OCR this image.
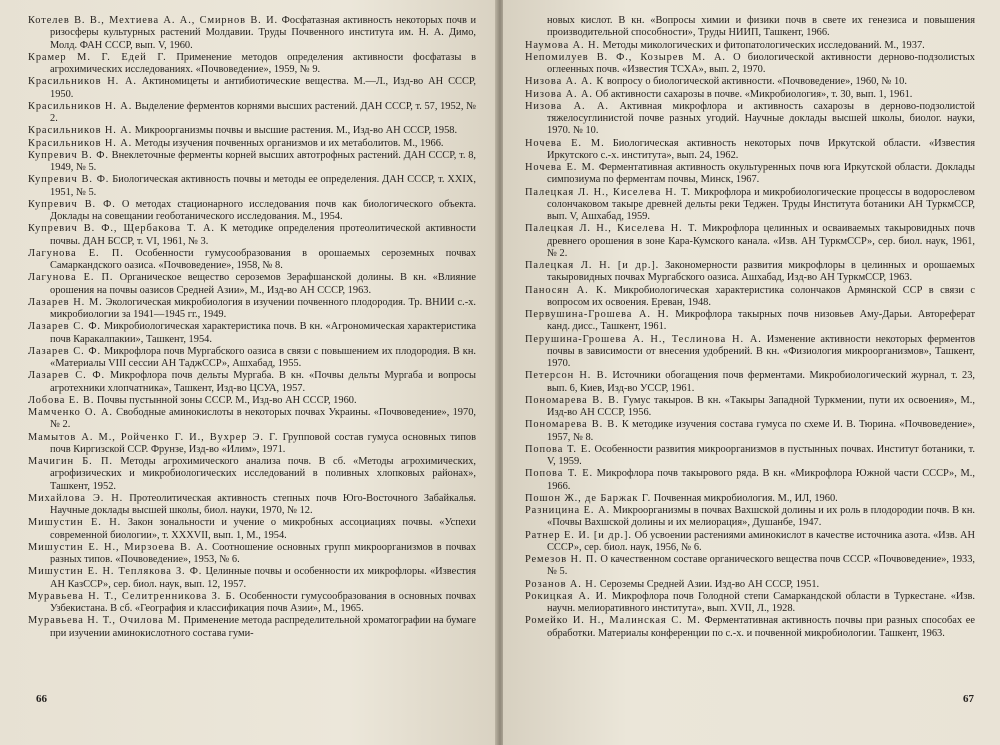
Котелев В. В., Мехтиева А. А., Смирнов В. И. Фосфатазная активность некоторых почв и ризосферы культурных растений Молдавии. Труды Почвенного института им. Н. А. Димо, Молд. ФАН СССР, вып. V, 1960.

Крамер М. Г. Едей Г. Применение методов определения активности фосфатазы в агрохимических исследованиях. «Почвоведение», 1959, № 9.

Красильников Н. А. Актиномицеты и антибиотические вещества. М.—Л., Изд-во АН СССР, 1950.

Красильников Н. А. Выделение ферментов корнями высших растений. ДАН СССР, т. 57, 1952, № 2.

Красильников Н. А. Микроорганизмы почвы и высшие растения. М., Изд-во АН СССР, 1958.

Красильников Н. А. Методы изучения почвенных организмов и их метаболитов. М., 1966.

Купревич В. Ф. Внеклеточные ферменты корней высших автотрофных растений. ДАН СССР, т. 8, 1949, № 5.

Купревич В. Ф. Биологическая активность почвы и методы ее определения. ДАН СССР, т. XXIX, 1951, № 5.

Купревич В. Ф. О методах стационарного исследования почв как биологического объекта. Доклады на совещании геоботанического исследования. М., 1954.

Купревич В. Ф., Щербакова Т. А. К методике определения протеолитической активности почвы. ДАН БССР, т. VI, 1961, № 3.

Лагунова Е. П. Особенности гумусообразования в орошаемых сероземных почвах Самаркандского оазиса. «Почвоведение», 1958, № 8.

Лагунова Е. П. Органическое вещество сероземов Зерафшанской долины. В кн. «Влияние орошения на почвы оазисов Средней Азии», М., Изд-во АН СССР, 1963.

Лазарев Н. М. Экологическая микробиология в изучении почвенного плодородия. Тр. ВНИИ с.-х. микробиологии за 1941—1945 гг., 1949.

Лазарев С. Ф. Микробиологическая характеристика почв. В кн. «Агрономическая характеристика почв Каракалпакии», Ташкент, 1954.

Лазарев С. Ф. Микрофлора почв Мургабского оазиса в связи с повышением их плодородия. В кн. «Материалы VIII сессии АН ТаджССР», Ашхабад, 1955.

Лазарев С. Ф. Микрофлора почв дельты Мургаба. В кн. «Почвы дельты Мургаба и вопросы агротехники хлопчатника», Ташкент, Изд-во ЦСУА, 1957.

Лобова Е. В. Почвы пустынной зоны СССР. М., Изд-во АН СССР, 1960.

Мамченко О. А. Свободные аминокислоты в некоторых почвах Украины. «Почвоведение», 1970, № 2.

Мамытов А. М., Ройченко Г. И., Вухрер Э. Г. Групповой состав гумуса основных типов почв Киргизской ССР. Фрунзе, Изд-во «Илим», 1971.

Мачигин Б. П. Методы агрохимического анализа почв. В сб. «Методы агрохимических, агрофизических и микробиологических исследований в поливных хлопковых районах», Ташкент, 1952.

Михайлова Э. Н. Протеолитическая активность степных почв Юго-Восточного Забайкалья. Научные доклады высшей школы, биол. науки, 1970, № 12.

Мишустин Е. Н. Закон зональности и учение о микробных ассоциациях почвы. «Успехи современной биологии», т. XXXVII, вып. 1, М., 1954.

Мишустин Е. Н., Мирзоева В. А. Соотношение основных групп микроорганизмов в почвах разных типов. «Почвоведение», 1953, № 6.

Мишустин Е. Н. Теплякова З. Ф. Целинные почвы и особенности их микрофлоры. «Известия АН КазССР», сер. биол. наук, вып. 12, 1957.

Муравьева Н. Т., Селитренникова З. Б. Особенности гумусообразования в основных почвах Узбекистана. В сб. «География и классификация почв Азии», М., 1965.

Муравьева Н. Т., Очилова М. Применение метода распределительной хроматографии на бумаге при изучении аминокислотного состава гуми-

66

новых кислот. В кн. «Вопросы химии и физики почв в свете их генезиса и повышения производительной способности», Труды НИИП, Ташкент, 1966.

Наумова А. Н. Методы микологических и фитопатологических исследований. М., 1937.

Непомилуев В. Ф., Козырев М. А. О биологической активности дерново-подзолистых оглеенных почв. «Известия ТСХА», вып. 2, 1970.

Низова А. А. К вопросу о биологической активности. «Почвоведение», 1960, № 10.

Низова А. А. Об активности сахарозы в почве. «Микробиология», т. 30, вып. 1, 1961.

Низова А. А. Активная микрофлора и активность сахарозы в дерново-подзолистой тяжелосуглинистой почве разных угодий. Научные доклады высшей школы, биолог. науки, 1970. № 10.

Ночева Е. М. Биологическая активность некоторых почв Иркутской области. «Известия Иркутского с.-х. института», вып. 24, 1962.

Ночева Е. М. Ферментативная активность окультуренных почв юга Иркутской области. Доклады симпозиума по ферментам почвы, Минск, 1967.

Палецкая Л. Н., Киселева Н. Т. Микрофлора и микробиологические процессы в водорослевом солончаковом такыре древней дельты реки Теджен. Труды Института ботаники АН ТуркмССР, вып. V, Ашхабад, 1959.

Палецкая Л. Н., Киселева Н. Т. Микрофлора целинных и осваиваемых такыровидных почв древнего орошения в зоне Кара-Кумского канала. «Изв. АН ТуркмССР», сер. биол. наук, 1961, № 2.

Палецкая Л. Н. [и др.]. Закономерности развития микрофлоры в целинных и орошаемых такыровидных почвах Мургабского оазиса. Ашхабад, Изд-во АН ТуркмССР, 1963.

Паносян А. К. Микробиологическая характеристика солончаков Армянской ССР в связи с вопросом их освоения. Ереван, 1948.

Первушина-Грошева А. Н. Микрофлора такырных почв низовьев Аму-Дарьи. Автореферат канд. дисс., Ташкент, 1961.

Перушина-Грошева А. Н., Теслинова Н. А. Изменение активности некоторых ферментов почвы в зависимости от внесения удобрений. В кн. «Физиология микроорганизмов», Ташкент, 1970.

Петерсон Н. В. Источники обогащения почв ферментами. Микробиологический журнал, т. 23, вып. 6, Киев, Изд-во УССР, 1961.

Пономарева В. В. Гумус такыров. В кн. «Такыры Западной Туркмении, пути их освоения», М., Изд-во АН СССР, 1956.

Пономарева В. В. К методике изучения состава гумуса по схеме И. В. Тюрина. «Почвоведение», 1957, № 8.

Попова Т. Е. Особенности развития микроорганизмов в пустынных почвах. Институт ботаники, т. V, 1959.

Попова Т. Е. Микрофлора почв такырового ряда. В кн. «Микрофлора Южной части СССР», М., 1966.

Пошон Ж., де Баржак Г. Почвенная микробиология. М., ИЛ, 1960.

Разницина Е. А. Микроорганизмы в почвах Вахшской долины и их роль в плодородии почв. В кн. «Почвы Вахшской долины и их мелиорация», Душанбе, 1947.

Ратнер Е. И. [и др.]. Об усвоении растениями аминокислот в качестве источника азота. «Изв. АН СССР», сер. биол. наук, 1956, № 6.

Ремезов Н. П. О качественном составе органического вещества почв СССР. «Почвоведение», 1933, № 5.

Розанов А. Н. Сероземы Средней Азии. Изд-во АН СССР, 1951.

Рокицкая А. И. Микрофлора почв Голодной степи Самаркандской области в Туркестане. «Изв. научн. мелиоративного института», вып. XVII, Л., 1928.

Ромейко И. Н., Малинская С. М. Ферментативная активность почвы при разных способах ее обработки. Материалы конференции по с.-х. и почвенной микробиологии. Ташкент, 1963.

67
